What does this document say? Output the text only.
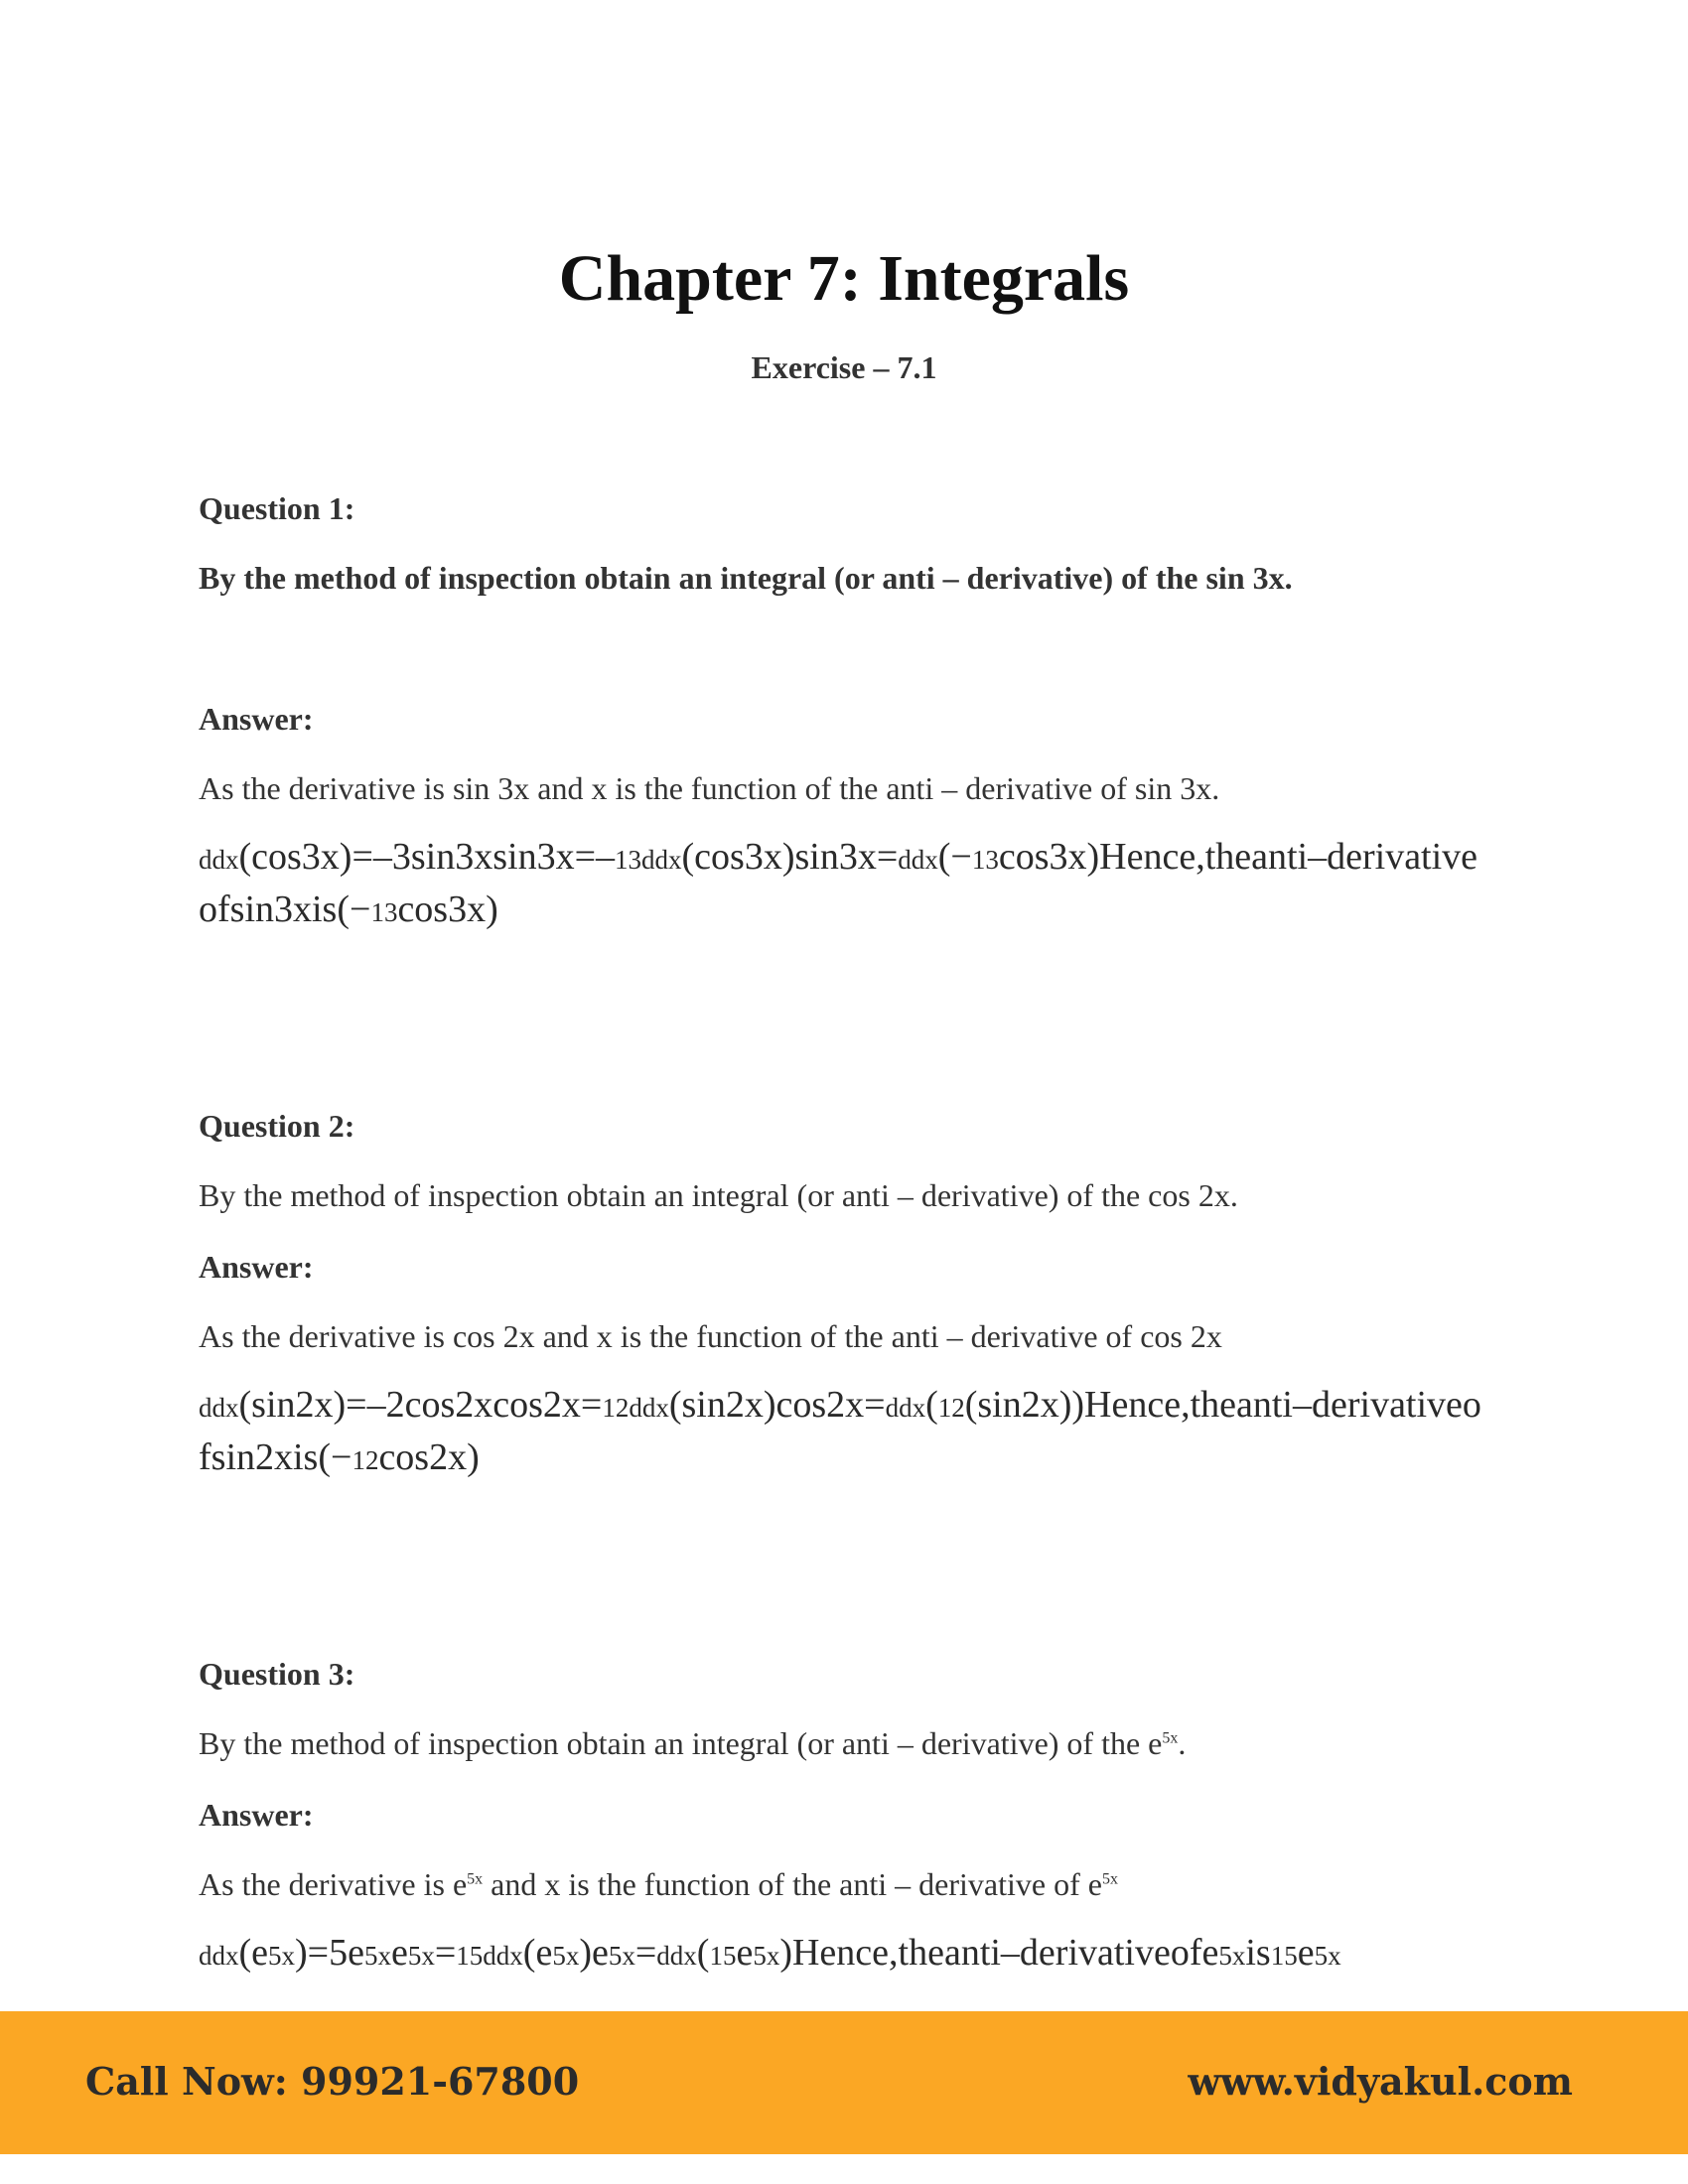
Chapter 7: Integrals
Exercise – 7.1
Question 1:
By the method of inspection obtain an integral (or anti – derivative) of the sin 3x.
Answer:
As the derivative is sin 3x and x is the function of the anti – derivative of sin 3x.
ddx(cos3x)=–3sin3xsin3x=–13ddx(cos3x)sin3x=ddx(−13cos3x)Hence,theanti–derivativeofsin3xis(−13cos3x)
Question 2:
By the method of inspection obtain an integral (or anti – derivative) of the cos 2x.
Answer:
As the derivative is cos 2x and x is the function of the anti – derivative of cos 2x
ddx(sin2x)=–2cos2xcos2x=12ddx(sin2x)cos2x=ddx(12(sin2x))Hence,theanti–derivativeofsin2xis(−12cos2x)
Question 3:
By the method of inspection obtain an integral (or anti – derivative) of the $e^{5x}$.
Answer:
As the derivative is $e^{5x}$ and x is the function of the anti – derivative of $e^{5x}$
ddx(e5x)=5e5xe5x=15ddx(e5x)e5x=ddx(15e5x)Hence,theanti–derivativeofe5xis15e5x
Call Now: 99921-67800	www.vidyakul.com
